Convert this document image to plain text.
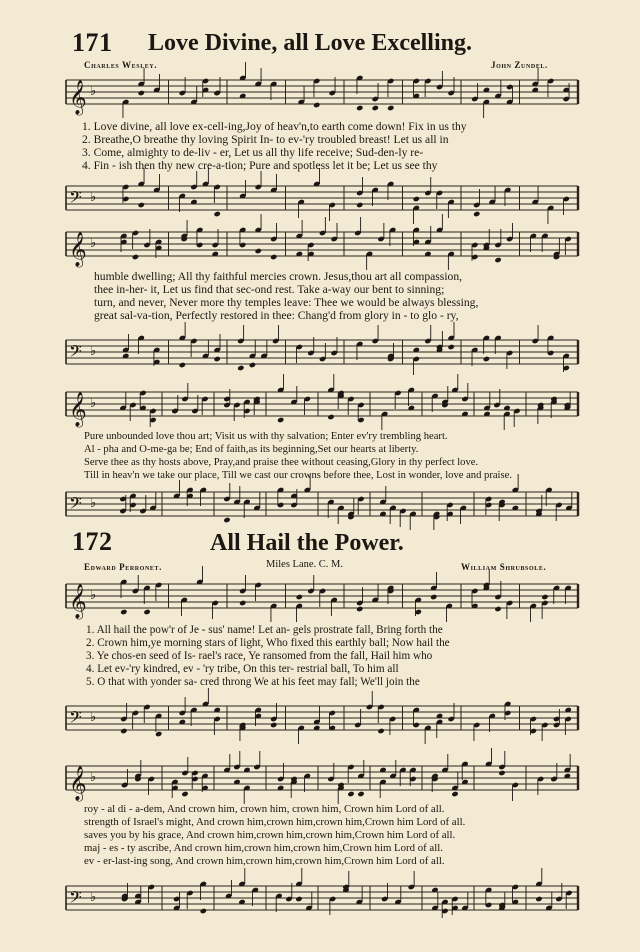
171 Love Divine, all Love Excelling.
Charles Wesley.	John Zundel.
𝄞 ♭
𝄢 ♭
𝄞 ♭
𝄢 ♭
𝄞 ♭
𝄢 ♭
𝄞 ♭
𝄢 ♭
𝄞 ♭
𝄢 ♭
1. Love divine, all love ex-cell-ing,Joy of heav'n,to earth come down! Fix in us thy
2. Breathe,O breathe thy loving Spirit In- to ev-'ry troubled breast! Let us all in
3. Come, almighty to de-liv - er, Let us all thy life receive; Sud-den-ly re-
4. Fin - ish then thy new cre-a-tion; Pure and spotless let it be; Let us see thy
humble dwelling; All thy faithful mercies crown. Jesus,thou art all compassion,
thee in-her- it, Let us find that sec-ond rest. Take a-way our bent to sinning;
turn, and never, Never more thy temples leave: Thee we would be always blessing,
great sal-va-tion, Perfectly restored in thee: Chang'd from glory in - to glo - ry,
Pure unbounded love thou art; Visit us with thy salvation; Enter ev'ry trembling heart.
Al - pha and O-me-ga be; End of faith,as its beginning,Set our hearts at liberty.
Serve thee as thy hosts above, Pray,and praise thee without ceasing,Glory in thy perfect love.
Till in heav'n we take our place, Till we cast our crowns before thee, Lost in wonder, love and praise.
172	All Hail the Power.
Edward Perronet.	Miles Lane. C. M.	William Shrubsole.
1. All hail the pow'r of Je - sus' name! Let an- gels prostrate fall, Bring forth the
2. Crown him,ye morning stars of light, Who fixed this earthly ball; Now hail the
3. Ye chos-en seed of Is- rael's race, Ye ransomed from the fall, Hail him who
4. Let ev-'ry kindred, ev - 'ry tribe, On this ter- restrial ball, To him all
5. O that with yonder sa- cred throng We at his feet may fall; We'll join the
roy - al di - a-dem, And crown him, crown him, crown him, Crown him Lord of all.
strength of Israel's might, And crown him,crown him,crown him,Crown him Lord of all.
saves you by his grace, And crown him,crown him,crown him,Crown him Lord of all.
maj - es - ty ascribe, And crown him,crown him,crown him,Crown him Lord of all.
ev - er-last-ing song, And crown him,crown him,crown him,Crown him Lord of all.
